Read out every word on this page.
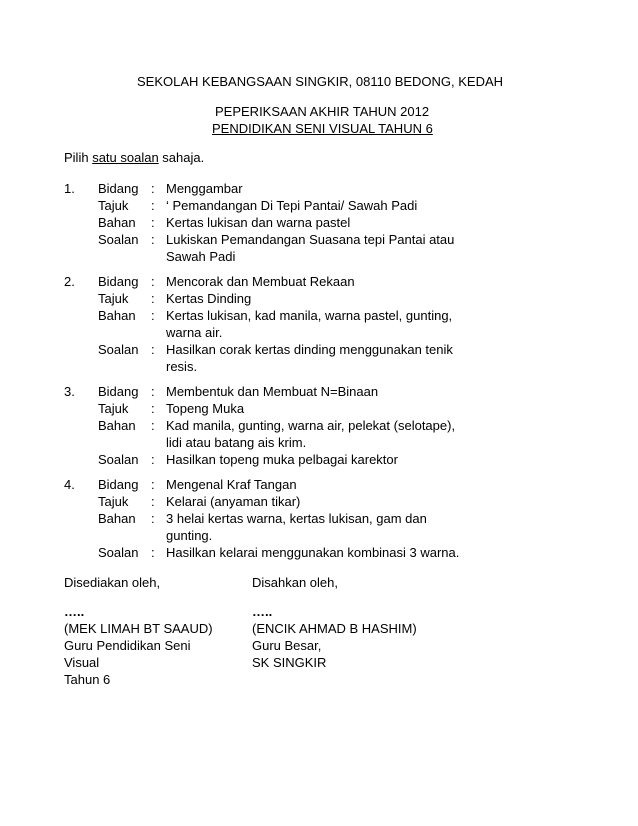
SEKOLAH KEBANGSAAN SINGKIR, 08110 BEDONG, KEDAH
PEPERIKSAAN AKHIR TAHUN 2012
PENDIDIKAN SENI VISUAL TAHUN 6
Pilih satu soalan sahaja.
1. Bidang : Menggambar
Tajuk : ‘ Pemandangan Di Tepi Pantai/ Sawah Padi
Bahan : Kertas lukisan dan warna pastel
Soalan : Lukiskan Pemandangan Suasana tepi Pantai atau
Sawah Padi
2. Bidang : Mencorak dan Membuat Rekaan
Tajuk : Kertas Dinding
Bahan : Kertas lukisan, kad manila, warna pastel, gunting,
warna air.
Soalan : Hasilkan corak kertas dinding menggunakan tenik
resis.
3. Bidang : Membentuk dan Membuat N=Binaan
Tajuk : Topeng Muka
Bahan : Kad manila, gunting, warna air, pelekat (selotape),
lidi atau batang ais krim.
Soalan : Hasilkan topeng muka pelbagai karektor
4. Bidang : Mengenal Kraf Tangan
Tajuk : Kelarai (anyaman tikar)
Bahan : 3 helai kertas warna, kertas lukisan, gam dan
gunting.
Soalan : Hasilkan kelarai menggunakan kombinasi 3 warna.
Disediakan oleh,
…..
(MEK LIMAH BT SAAUD)
Guru Pendidikan Seni
Visual
Tahun 6
Disahkan oleh,
…..
(ENCIK AHMAD B HASHIM)
Guru Besar,
SK SINGKIR
